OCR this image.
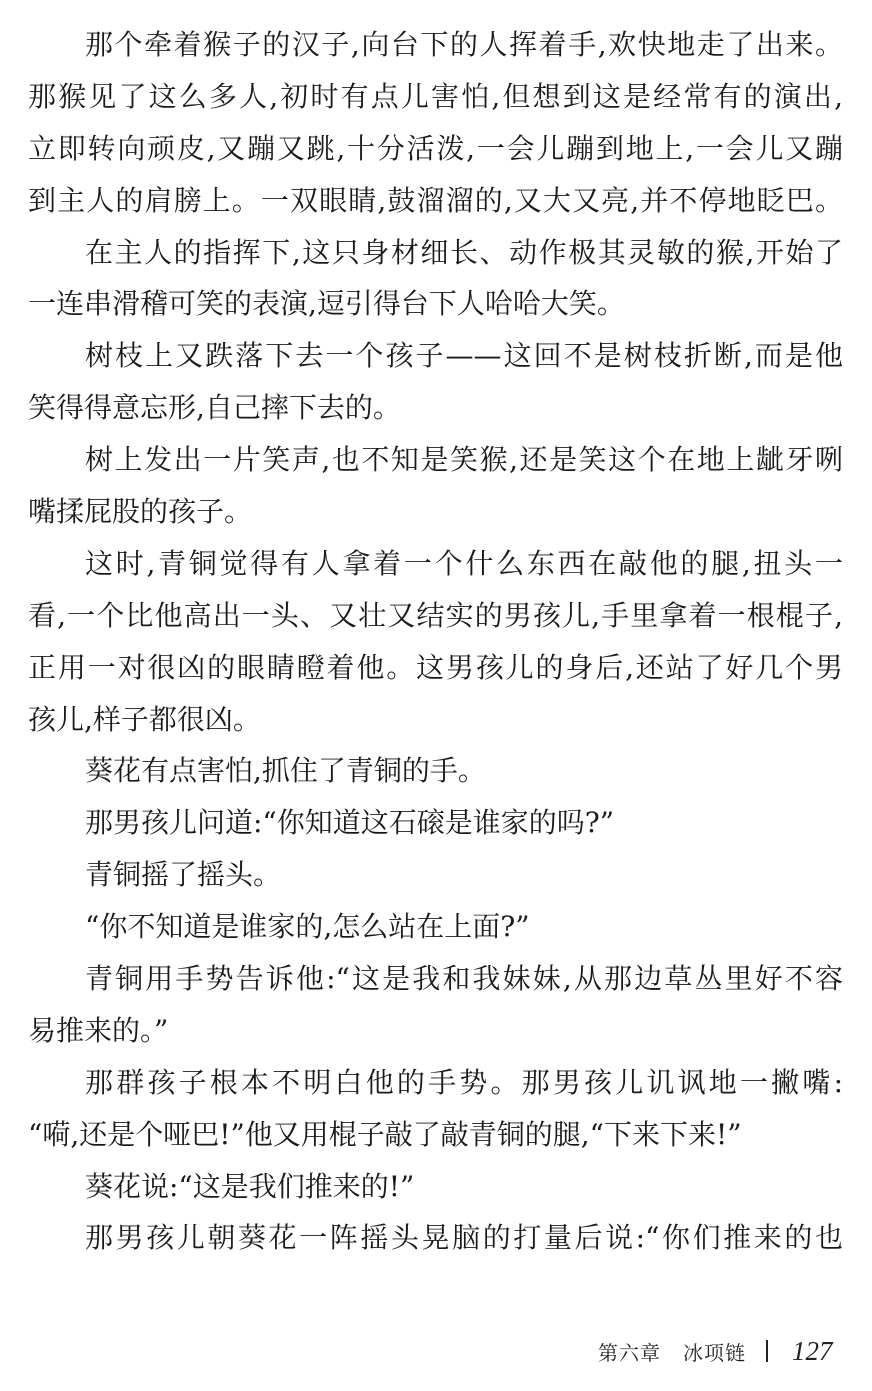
那个牵着猴子的汉子,向台下的人挥着手,欢快地走了出来。
那猴见了这么多人,初时有点儿害怕,但想到这是经常有的演出,
立即转向顽皮,又蹦又跳,十分活泼,一会儿蹦到地上,一会儿又蹦
到主人的肩膀上。一双眼睛,鼓溜溜的,又大又亮,并不停地眨巴。
在主人的指挥下,这只身材细长、动作极其灵敏的猴,开始了
一连串滑稽可笑的表演,逗引得台下人哈哈大笑。
树枝上又跌落下去一个孩子——这回不是树枝折断,而是他
笑得得意忘形,自己摔下去的。
树上发出一片笑声,也不知是笑猴,还是笑这个在地上龇牙咧
嘴揉屁股的孩子。
这时,青铜觉得有人拿着一个什么东西在敲他的腿,扭头一
看,一个比他高出一头、又壮又结实的男孩儿,手里拿着一根棍子,
正用一对很凶的眼睛瞪着他。这男孩儿的身后,还站了好几个男
孩儿,样子都很凶。
葵花有点害怕,抓住了青铜的手。
那男孩儿问道:“你知道这石磙是谁家的吗?”
青铜摇了摇头。
“你不知道是谁家的,怎么站在上面?”
青铜用手势告诉他:“这是我和我妹妹,从那边草丛里好不容
易推来的。”
那群孩子根本不明白他的手势。那男孩儿讥讽地一撇嘴:
“嗬,还是个哑巴!”他又用棍子敲了敲青铜的腿,“下来下来!”
葵花说:“这是我们推来的!”
那男孩儿朝葵花一阵摇头晃脑的打量后说:“你们推来的也
第六章 冰项链 127
